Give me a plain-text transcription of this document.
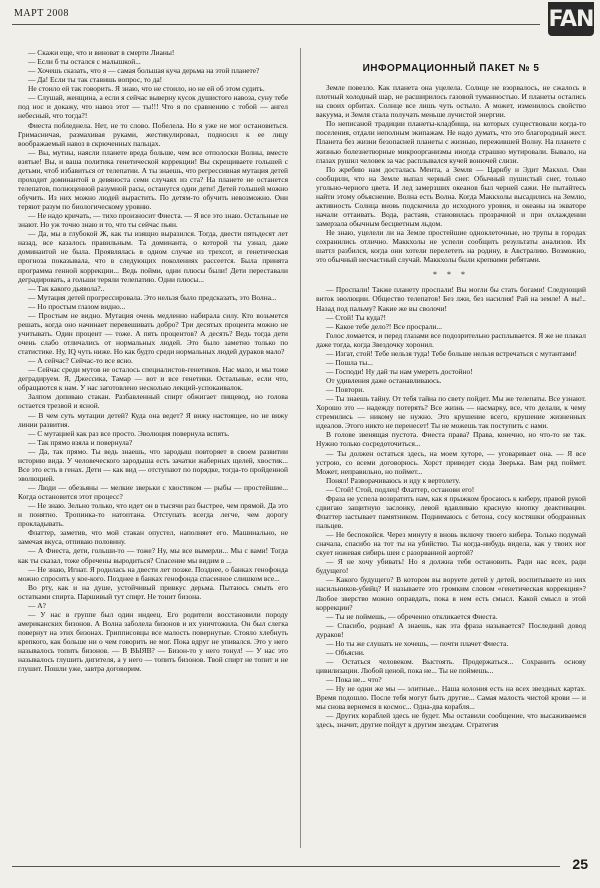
МАРТ 2008	FAN

— Скажи еще, что и виноват в смерти Лианы!

— Если б ты остался с малышкой...

— Хочешь сказать, что я — самая большая куча дерьма на этой планете?

— Да! Если ты так ставишь вопрос, то да!

Не стоило ей так говорить. Я знаю, что не стоило, но не ей об этом судить.

— Слушай, женщина, а если я сейчас выверну кусок душистого навоза, суну тебе под нос и докажу, что навоз этот — ты!!! Что я по сравнению с тобой — ангел небесный, что тогда?!

Фиеста побледнела. Нет, не то слово. Побелела. Но я уже не мог остановиться. Гримасничая, размахивая руками, жестикулировал, подносил к ее лицу воображаемый навоз в скрюченных пальцах.

— Вы, мутны, наясли планете вреда больше, чем все отполоски Волны, вместе взятые! Вы, и ваша политика генетической коррекции! Вы скрещиваете гольшей с детьми, чтоб избавиться от телепатии. А ты знаешь, что регрессивная мутация детей проходит доминантой в девяноста семи случаях из ста? На планете не останется телепатов, полноценной разумной расы, останутся одни дети! Детей гольшей можно обучить. Из них можно людей вырастить. По детям-то обучить невозможно. Они теряют разум по биологическому уровню.

— Не надо кричать, — тихо произносит Фиеста. — Я все это знаю. Остальные не знают. Но уж точно знаю и то, что ты сейчас пьян.

— Да, мы в глубокой Ж, как ты изящно выразился. Тогда, двести пятьдесят лет назад, все казалось правильным. Та доминанта, о которой ты узнал, даже доминантой не была. Проявлялась в одном случае из трехсот, и генетическая прогноза показывала, что в следующих поколениях рассеется. Была принята программа генной коррекции... Ведь пойми, одни плюсы были! Дети переставали деградировать, а гольши теряли телепатию. Одни плюсы...

— Так какого дьявола?..

— Мутация детей прогрессировала. Это нельзя было предсказать, это Волна...

— Но простым глазом видно...

— Простым не видно. Мутация очень медленно набирала силу. Кто возьмется решать, когда оно начинает перевешивать добро? Три десятых процента можно не учитывать. Один процент — тоже. А пять процентов? А десять? Ведь тогда дети очень слабо отличались от нормальных людей. Это было заметно только по статистике. Ну, IQ чуть ниже. Но как будто среди нормальных людей дураков мало?

— А сейчас? Сейчас-то все ясно.

— Сейчас среди мутов не осталось специалистов-генетиков. Нас мало, и мы тоже деградируем. Я, Джессика, Тамар — вот и все генетики. Остальные, если что, обращаются к нам. У нас заготовлено несколько лекций-успокаивалок.

Залпом допиваю стакан. Разбавленный спирт обжигает пищевод, но голова остается трезвой и ясной.

— В чем суть мутации детей? Куда она ведет? Я вижу настоящее, но не вижу линии развития.

— С мутацией как раз все просто. Эволюция повернула вспять.

— Так прямо взяла и повернула?

— Да, так прямо. Ты ведь знаешь, что зародыш повторяет в своем развитии историю вида. У человеческого зародыша есть зачатки жаберных щелей, хвостик... Все это есть в генах. Дети — как вид — отступают по порядке, тогда-то пройденной эволюцией.

— Люди — обезьяны — мелкие зверьки с хвостиком — рыбы — простейшие... Когда остановится этот процесс?

— Не знаю. Зельно только, что идет он в тысячи раз быстрее, чем прямой. Да это и понятно. Тропинка-то натоптана. Отступать всегда легче, чем дорогу прокладывать.

Флаттер, заметив, что мой стакан опустел, наполняет его. Машинально, не замечая вкуса, отпиваю половину.

— А Фиеста, дети, гольши-то — тоже? Ну, мы все вымерли... Мы с вами! Тогда как ты сказал, тоже обречены выродиться? Спасение мы видим в ...

— Не знаю, Игнат. Я родилась на двести лет позже. Позднее, о банках генофонда можно спросить у кое-кого. Позднее в банках генофонда спасенное слишком все...

Во рту, как и на душе, устойчивый привкус дерьма. Пытаюсь смыть его остатками спирта. Паршивый тут спирт. Не тонит бизона.

— А?

— У нас в группе был один индеец. Его родители восстановили породу американских бизонов. А Волна заболела бизонов и их уничтожила. Он был слегка повернут на этих бизонах. Грипписовцы все малость повернутые. Стояло хлебнуть крепкого, как больше ни о чем говорить не мог. Пока вдруг не упивался. Это у него называлось топить бизонов. — В ВЫЯВ? — Бизон-то у него тонул! — У нас это называлось глушить дигителя, а у него — топить бизонов. Твой спирт не топит и не глушит. Пошли уже, завтра договорим.

ИНФОРМАЦИОННЫЙ ПАКЕТ № 5

Земле повезло. Как планета она уцелела. Солнце не взорвалось, не сжалось в плотный холодный шар, не расширилось газовой туманностью. И планеты остались на своих орбитах. Солнце все лишь чуть остыло. А может, изменилось свойство вакуума, и Земля стала получать меньше лучистой энергии.

По неписаной традиции планеты-кладбища, на которых существовали когда-то поселения, отдали неполным экипажам. Не надо думать, что это благородный жест. Планета без жизни безопасней планеты с жизнью, пережившей Волну. На планете с жизнью болезнетворные микроорганизмы иногда страшно мутировали. Бывало, на глазах рушил человек за час расплывался кучей вонючей слизи.

По жребию нам досталась Мента, а Земля — Царнбу и Эдит Макхол. Они сообщили, что на Земле выпал черный снег. Обычный пушистый снег, только угольно-черного цвета. И лед замерзших океанов был черней сажи. Не пытайтесь найти этому объяснение. Волна есть Волна. Когда Маккхолы высадились на Землю, активность Солнца вновь подскочила до исходного уровня, и океаны на экваторе начали оттаивать. Вода, растаяв, становилась прозрачной и при охлаждении замерзала обычным бесцветным льдом.

Не знаю, уцелели ли на Земле простейшие одноклеточные, но трупы в городах сохранились отлично. Маккхолы не успели сообщить результаты анализов. Их шаттл разбился, когда они хотели перелететь на родину, в Австралию. Возможно, это обычный несчастный случай. Маккхолы были крепкими ребятами.

* * *

— Проспали! Также планету проспали! Вы могли бы стать богами! Следующий виток эволюции. Общество телепатов! Без лжи, без насилия! Рай на земле! А вы!.. Назад под пальму? Какие же вы сволочи!

— Стой! Ты куда?!

— Какое тебе дело?! Все просрали...

Голос ломается, и перед глазами все подозрительно расплывается. Я же не плакал даже тогда, когда Звездочку хоронил.

— Изгат, стой! Тебе нельзя туда! Тебе больше нельзя встречаться с мутантами!

— Пошла ты...

— Господи! Ну дай ты нам умереть достойно!

От удивления даже останавливаюсь.

— Повтори.

— Ты знаешь тайну. От тебя тайна по свету пойдет. Мы же телепаты. Все узнают. Хорошо это — надежду потерять? Все жизнь — насмарку, все, что делали, к чему стремились — никому не нужно. Это крушение всего, крушение жизненных идеалов. Этого никто не перенесет! Ты не можешь так поступить с нами.

В голове звенящая пустота. Фиеста права? Права, конечно, но что-то не так. Нужно только сосредоточиться...

— Ты должен остаться здесь, на моем хуторе, — уговаривает она. — Я все устрою, со всеми договорюсь. Хорст приведет сюда Зверька. Вам ряд поймет. Может, неправильно, но поймет...

Понял! Разворачиваюсь и иду к вертолету.

— Стой! Стой, подлец! Флаттер, останови его!

Фраза не успела возвратить нам, как я прыжком бросаюсь к киберу, правой рукой сдвигаю защитную заслонку, левой вдавливаю красную кнопку деактивации. Флаттер застывает памятником. Поднимаюсь с бетона, сосу костяшки ободранных пальцев.

— Не беспокойся. Через минуту я вновь включу твоего кибера. Только подумай сначала, спасибо на тот ты на убийство. Ты когда-нибудь видела, как у твоих ног скует ножевая сибирь шеи с разорванной аортой?

— Я не хочу убивать! Но я должна тебя остановить. Ради нас всех, ради будущего!

— Какого будущего? В котором вы воруете детей у детей, воспитываете из них насильников-убийц? И называете это громким словом «генетическая коррекция»? Любое зверство можно оправдать, пока в нем есть смысл. Какой смысл в этой коррекции?

— Ты не поймешь, — обреченно откликается Фиеста.

— Спасибо, родная! А знаешь, как эта фраза называется? Последний довод дураков!

— Но ты же слушать не хочешь, — почти плачет Фиеста.

— Объясни.

— Остаться человеком. Выстоять. Продержаться... Сохранить основу цивилизации. Любой ценой, пока не... Ты не поймешь...

— Пока не... что?

— Ну не одни же мы — элитные... Наша колония есть на всех звездных картах. Время подошло. После тебя могут быть другие... Самая малость чистой крови — и мы снова вернемся в космос... Одна-два корабля...

— Других кораблей здесь не будет. Мы оставили сообщение, что высаживаемся здесь, значит, другие пойдут к другим звездам. Стратегия

25
